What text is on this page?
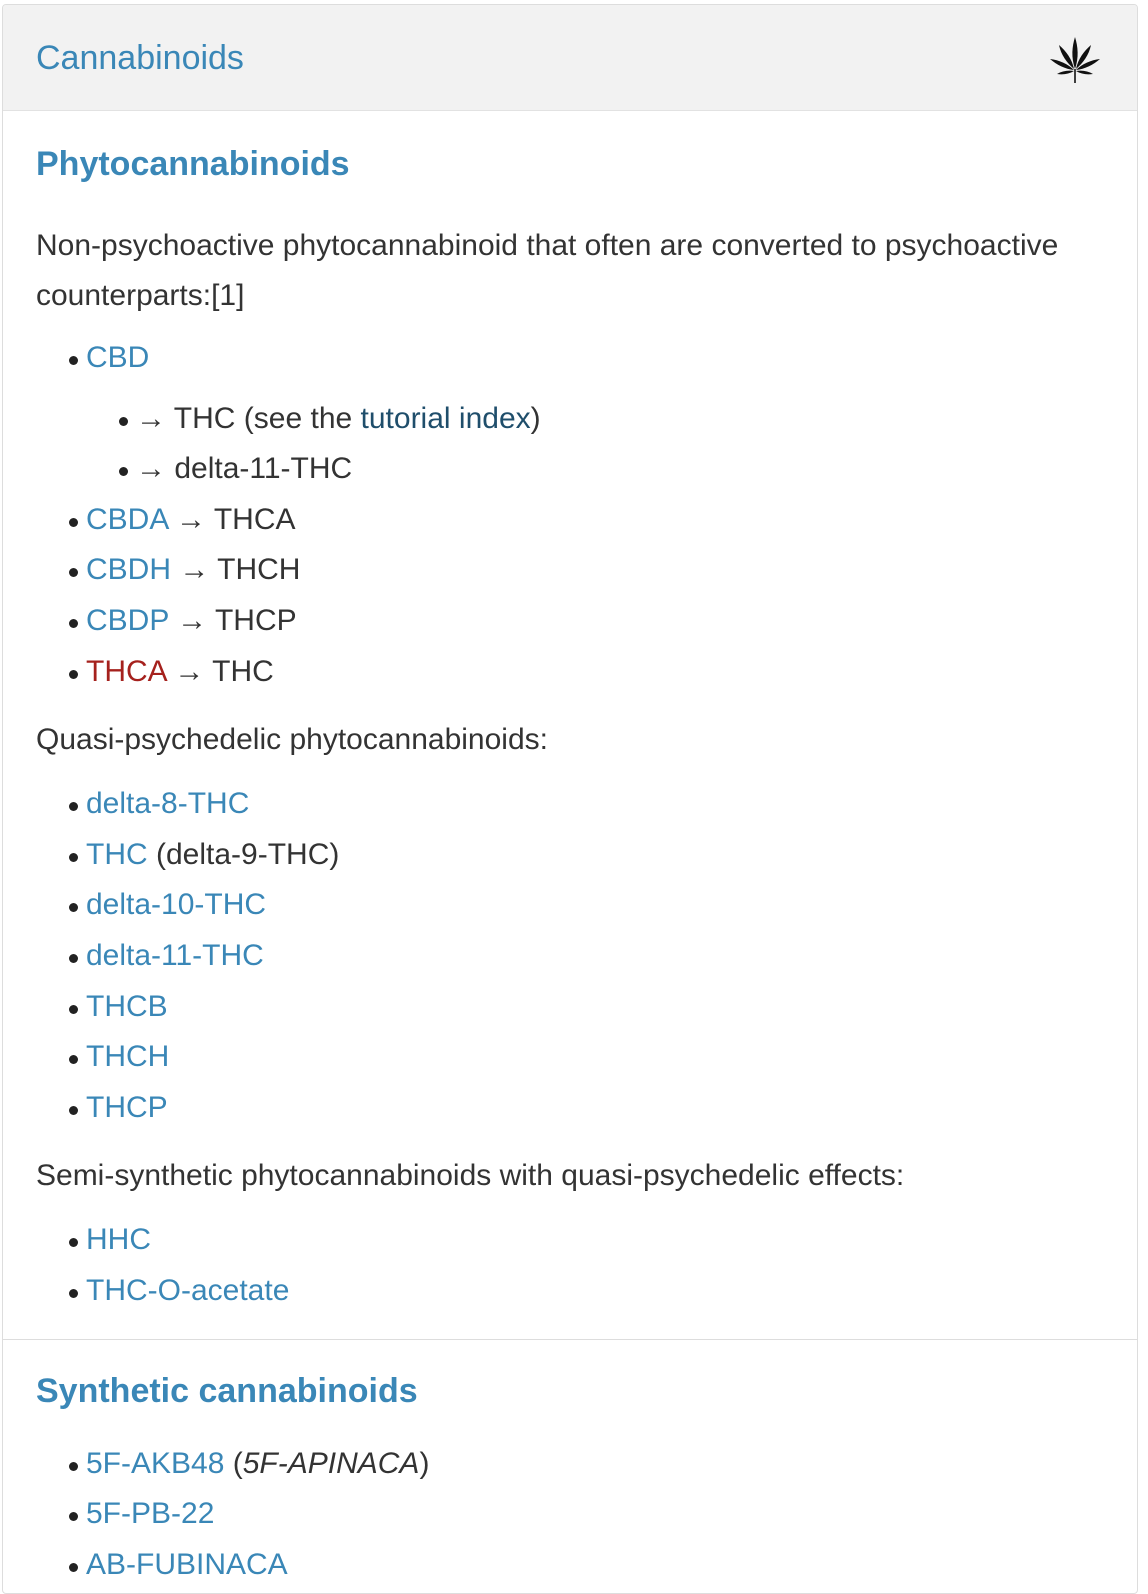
Cannabinoids
Phytocannabinoids

Non-psychoactive phytocannabinoid that often are converted to psychoactive counterparts:[1]

CBD
→ THC (see the tutorial index)
→ delta-11-THC
CBDA → THCA
CBDH → THCH
CBDP → THCP
THCA → THC

Quasi-psychedelic phytocannabinoids:

delta-8-THC
THC (delta-9-THC)
delta-10-THC
delta-11-THC
THCB
THCH
THCP

Semi-synthetic phytocannabinoids with quasi-psychedelic effects:

HHC
THC-O-acetate
Synthetic cannabinoids
5F-AKB48 (5F-APINACA)
5F-PB-22
AB-FUBINACA
